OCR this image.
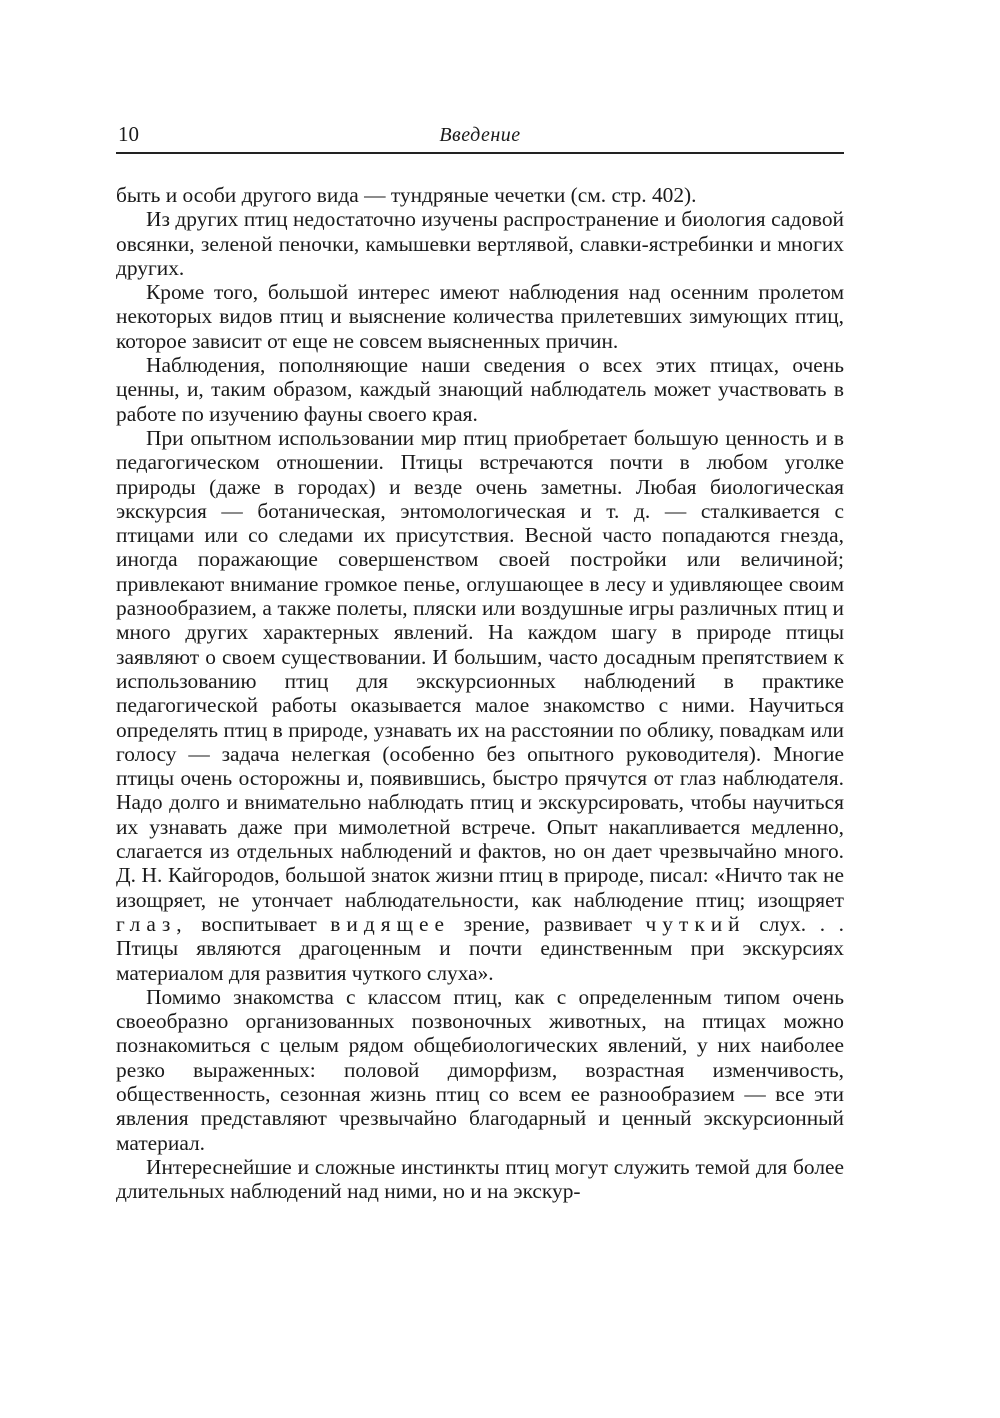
10	Введение

быть и особи другого вида — тундряные чечетки (см. стр. 402).

Из других птиц недостаточно изучены распространение и биология садовой овсянки, зеленой пеночки, камышевки вертлявой, славки-ястребинки и многих других.

Кроме того, большой интерес имеют наблюдения над осенним пролетом некоторых видов птиц и выяснение количества прилетевших зимующих птиц, которое зависит от еще не совсем выясненных причин.

Наблюдения, пополняющие наши сведения о всех этих птицах, очень ценны, и, таким образом, каждый знающий наблюдатель может участвовать в работе по изучению фауны своего края.

При опытном использовании мир птиц приобретает большую ценность и в педагогическом отношении. Птицы встречаются почти в любом уголке природы (даже в городах) и везде очень заметны. Любая биологическая экскурсия — ботаническая, энтомологическая и т. д. — сталкивается с птицами или со следами их присутствия. Весной часто попадаются гнезда, иногда поражающие совершенством своей постройки или величиной; привлекают внимание громкое пенье, оглушающее в лесу и удивляющее своим разнообразием, а также полеты, пляски или воздушные игры различных птиц и много других характерных явлений. На каждом шагу в природе птицы заявляют о своем существовании. И большим, часто досадным препятствием к использованию птиц для экскурсионных наблюдений в практике педагогической работы оказывается малое знакомство с ними. Научиться определять птиц в природе, узнавать их на расстоянии по облику, повадкам или голосу — задача нелегкая (особенно без опытного руководителя). Многие птицы очень осторожны и, появившись, быстро прячутся от глаз наблюдателя. Надо долго и внимательно наблюдать птиц и экскурсировать, чтобы научиться их узнавать даже при мимолетной встрече. Опыт накапливается медленно, слагается из отдельных наблюдений и фактов, но он дает чрезвычайно много. Д. Н. Кайгородов, большой знаток жизни птиц в природе, писал: «Ничто так не изощряет, не утончает наблюдательности, как наблюдение птиц; изощряет глаз, воспитывает видящее зрение, развивает чуткий слух. . . Птицы являются драгоценным и почти единственным при экскурсиях материалом для развития чуткого слуха».

Помимо знакомства с классом птиц, как с определенным типом очень своеобразно организованных позвоночных животных, на птицах можно познакомиться с целым рядом общебиологических явлений, у них наиболее резко выраженных: половой диморфизм, возрастная изменчивость, общественность, сезонная жизнь птиц со всем ее разнообразием — все эти явления представляют чрезвычайно благодарный и ценный экскурсионный материал.

Интереснейшие и сложные инстинкты птиц могут служить темой для более длительных наблюдений над ними, но и на экскур-
